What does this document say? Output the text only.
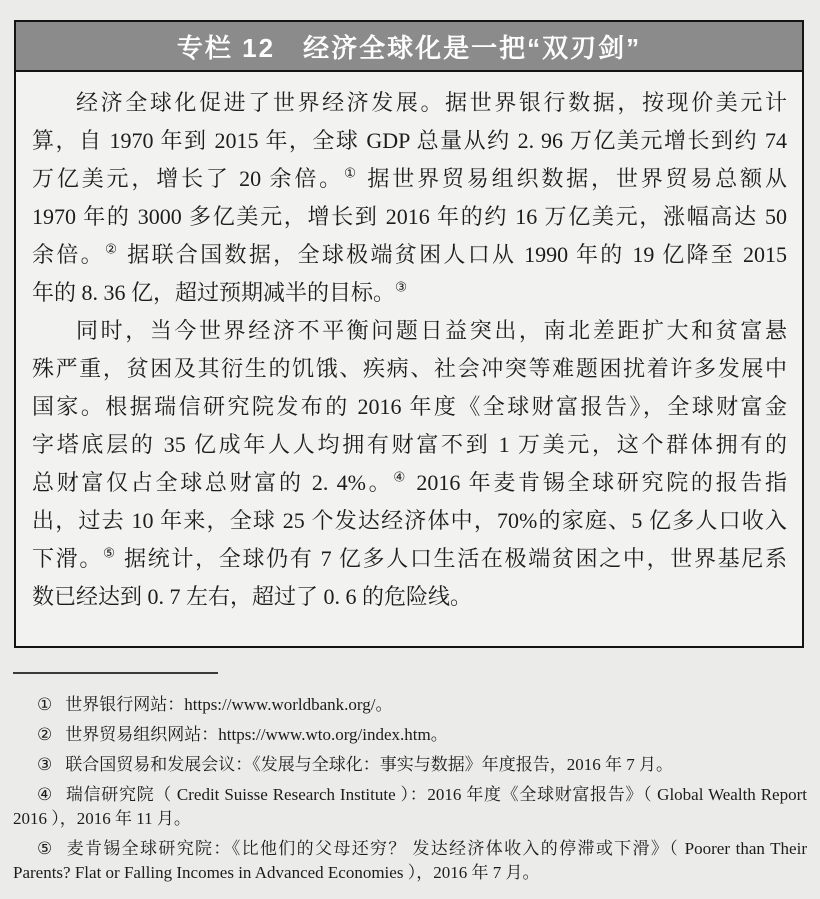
专栏 12　经济全球化是一把“双刃剑”
经济全球化促进了世界经济发展。据世界银行数据，按现价美元计
算，自 1970 年到 2015 年，全球 GDP 总量从约 2. 96 万亿美元增长到约 74
万亿美元，增长了 20 余倍。① 据世界贸易组织数据，世界贸易总额从
1970 年的 3000 多亿美元，增长到 2016 年的约 16 万亿美元，涨幅高达 50
余倍。② 据联合国数据，全球极端贫困人口从 1990 年的 19 亿降至 2015
年的 8. 36 亿，超过预期减半的目标。③
同时，当今世界经济不平衡问题日益突出，南北差距扩大和贫富悬
殊严重，贫困及其衍生的饥饿、疾病、社会冲突等难题困扰着许多发展中
国家。根据瑞信研究院发布的 2016 年度《全球财富报告》，全球财富金
字塔底层的 35 亿成年人人均拥有财富不到 1 万美元，这个群体拥有的
总财富仅占全球总财富的 2. 4%。④ 2016 年麦肯锡全球研究院的报告指
出，过去 10 年来，全球 25 个发达经济体中，70%的家庭、5 亿多人口收入
下滑。⑤ 据统计，全球仍有 7 亿多人口生活在极端贫困之中，世界基尼系
数已经达到 0. 7 左右，超过了 0. 6 的危险线。

① 世界银行网站：https://www.worldbank.org/。

② 世界贸易组织网站：https://www.wto.org/index.htm。

③ 联合国贸易和发展会议：《发展与全球化：事实与数据》年度报告，2016 年 7 月。

④ 瑞信研究院（ Credit Suisse Research Institute ）：2016 年度《全球财富报告》（ Global Wealth Report 2016 ），2016 年 11 月。

⑤ 麦肯锡全球研究院：《比他们的父母还穷？ 发达经济体收入的停滞或下滑》（ Poorer than Their Parents? Flat or Falling Incomes in Advanced Economies ），2016 年 7 月。
